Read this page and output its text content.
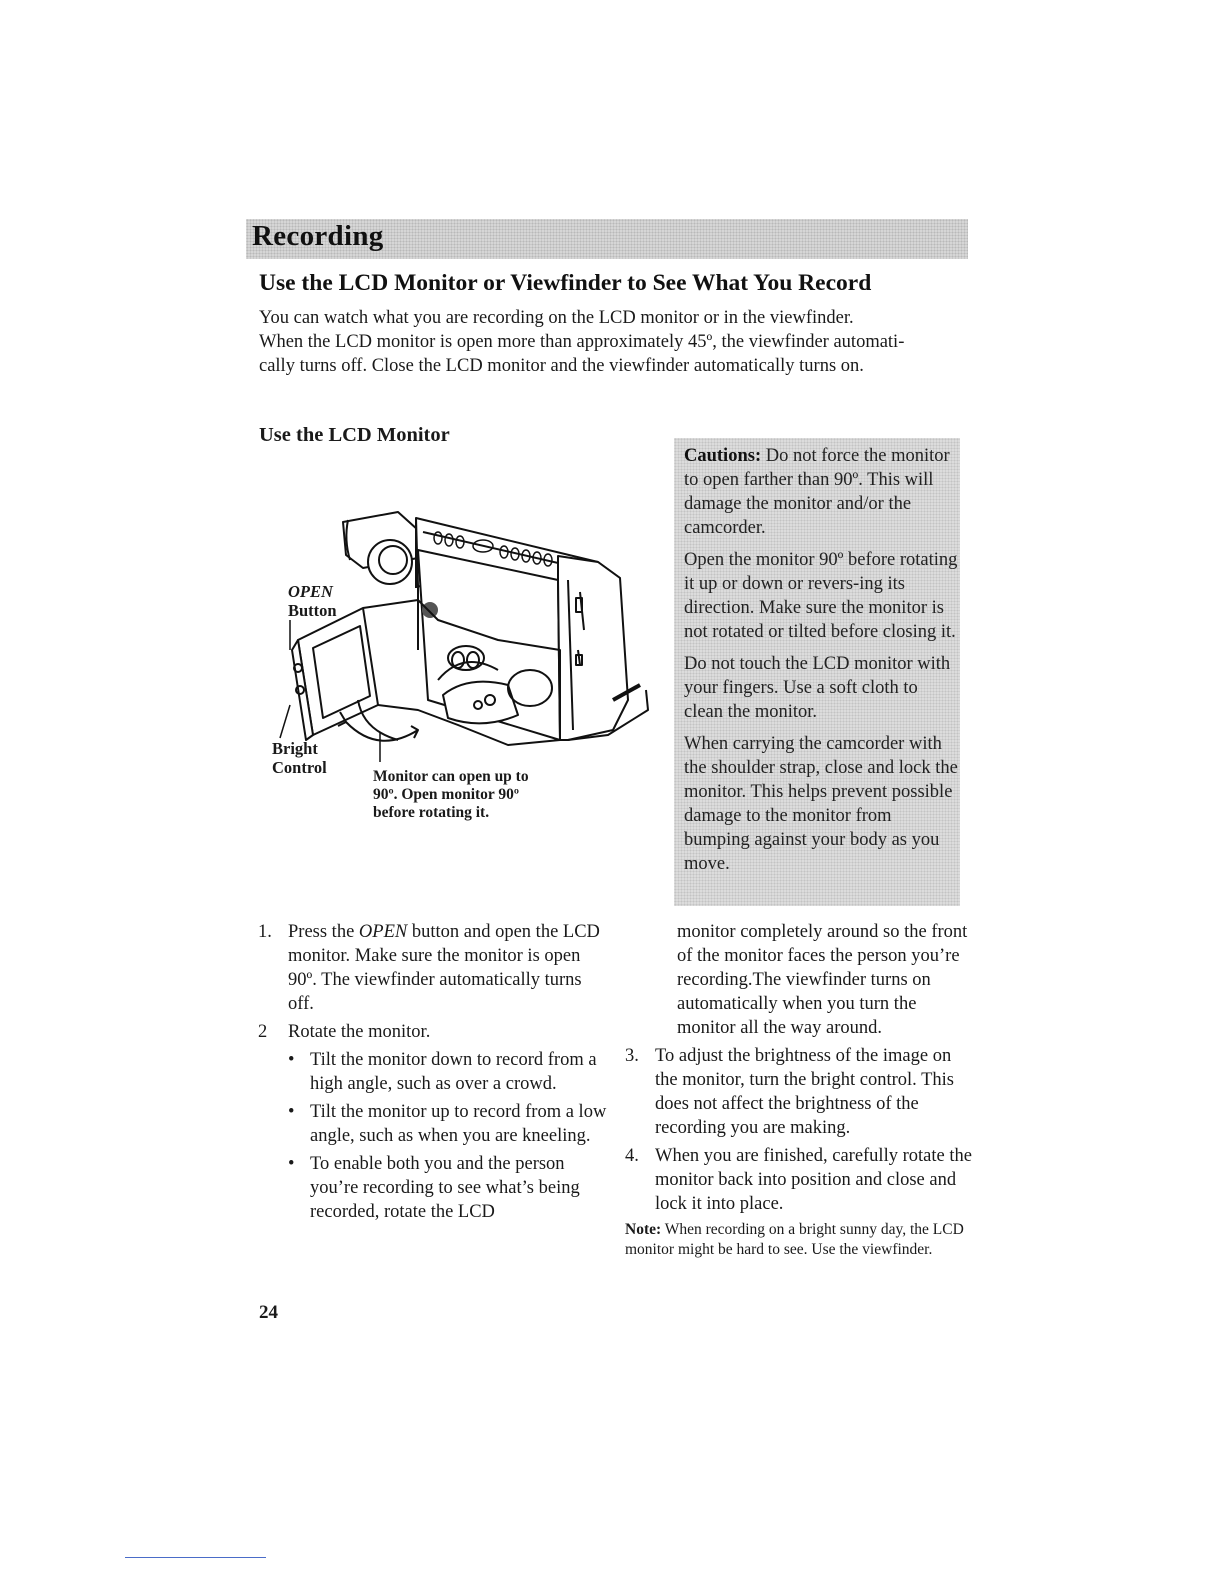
Recording
Use the LCD Monitor or Viewfinder to See What You Record

You can watch what you are recording on the LCD monitor or in the viewfinder.

When the LCD monitor is open more than approximately 45º, the viewfinder automati-

cally turns off. Close the LCD monitor and the viewfinder automatically turns on.

Use the LCD Monitor

Cautions: Do not force the monitor to open farther than 90º. This will damage the monitor and/or the camcorder.

Open the monitor 90º before rotating it up or down or revers-ing its direction. Make sure the monitor is not rotated or tilted before closing it.

Do not touch the LCD monitor with your fingers. Use a soft cloth to clean the monitor.

When carrying the camcorder with the shoulder strap, close and lock the monitor. This helps prevent possible damage to the monitor from bumping against your body as you move.

OPEN
Button
Bright
Control	Monitor can open up to
90º. Open monitor 90º
before rotating it.
1. Press the OPEN button and open the LCD monitor. Make sure the monitor is open 90º. The viewfinder automatically turns off.
2 Rotate the monitor.
• Tilt the monitor down to record from a high angle, such as over a crowd.
• Tilt the monitor up to record from a low angle, such as when you are kneeling.
• To enable both you and the person you’re recording to see what’s being recorded, rotate the LCD
monitor completely around so the front of the monitor faces the person you’re recording.The viewfinder turns on automatically when you turn the monitor all the way around.
3. To adjust the brightness of the image on the monitor, turn the bright control. This does not affect the brightness of the recording you are making.
4. When you are finished, carefully rotate the monitor back into position and close and lock it into place.
Note: When recording on a bright sunny day, the LCD monitor might be hard to see. Use the viewfinder.
24
